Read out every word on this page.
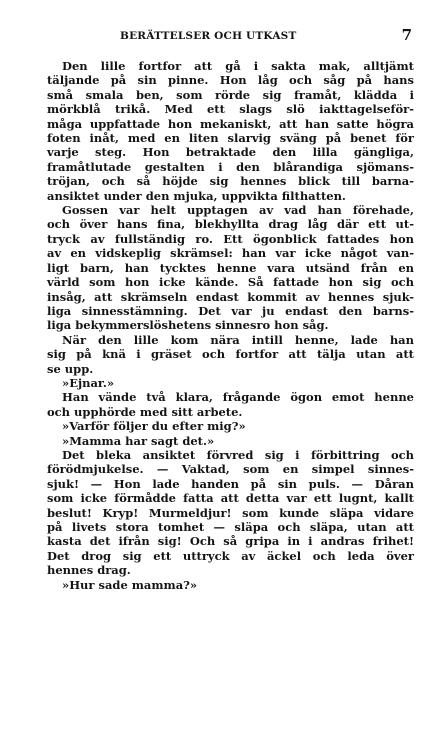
BERÄTTELSER OCH UTKAST	7
Den lille fortfor att gå i sakta mak, alltjämt
täljande på sin pinne. Hon låg och såg på hans
små smala ben, som rörde sig framåt, klädda i
mörkblå trikå. Med ett slags slö iakttagelseför-
måga uppfattade hon mekaniskt, att han satte högra
foten inåt, med en liten slarvig sväng på benet för
varje steg. Hon betraktade den lilla gängliga,
framåtlutade gestalten i den blårandiga sjömans-
tröjan, och så höjde sig hennes blick till barna-
ansiktet under den mjuka, uppvikta filthatten.
Gossen var helt upptagen av vad han förehade,
och över hans fina, blekhyllta drag låg där ett ut-
tryck av fullständig ro. Ett ögonblick fattades hon
av en vidskeplig skrämsel: han var icke något van-
ligt barn, han tycktes henne vara utsänd från en
värld som hon icke kände. Så fattade hon sig och
insåg, att skrämseln endast kommit av hennes sjuk-
liga sinnesstämning. Det var ju endast den barns-
liga bekymmerslöshetens sinnesro hon såg.
När den lille kom nära intill henne, lade han
sig på knä i gräset och fortfor att tälja utan att
se upp.
»Ejnar.»
Han vände två klara, frågande ögon emot henne
och upphörde med sitt arbete.
»Varför följer du efter mig?»
»Mamma har sagt det.»
Det bleka ansiktet förvred sig i förbittring och
förödmjukelse. — Vaktad, som en simpel sinnes-
sjuk! — Hon lade handen på sin puls. — Dåran
som icke förmådde fatta att detta var ett lugnt, kallt
beslut! Kryp! Murmeldjur! som kunde släpa vidare
på livets stora tomhet — släpa och släpa, utan att
kasta det ifrån sig! Och så gripa in i andras frihet!
Det drog sig ett uttryck av äckel och leda över
hennes drag.
»Hur sade mamma?»
